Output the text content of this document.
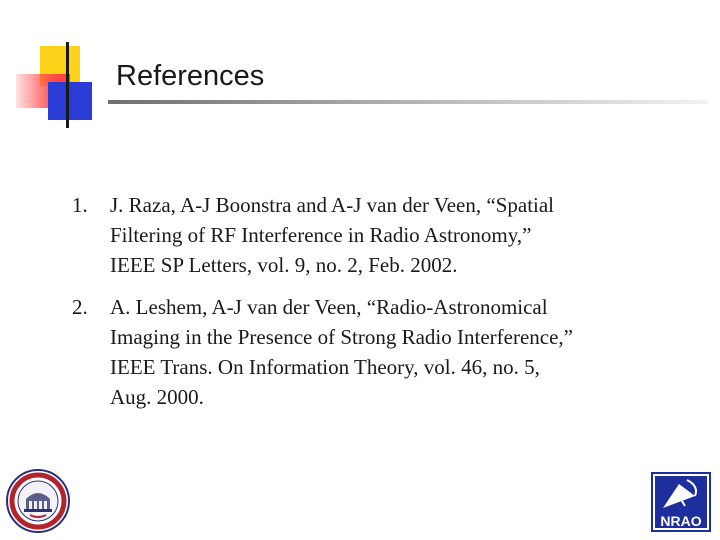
References
1. J. Raza, A-J Boonstra and A-J van der Veen, “Spatial
Filtering of RF Interference in Radio Astronomy,”
IEEE SP Letters, vol. 9, no. 2, Feb. 2002.
2. A. Leshem, A-J van der Veen, “Radio-Astronomical
Imaging in the Presence of Strong Radio Interference,”
IEEE Trans. On Information Theory, vol. 46, no. 5,
Aug. 2000.
NRAO
